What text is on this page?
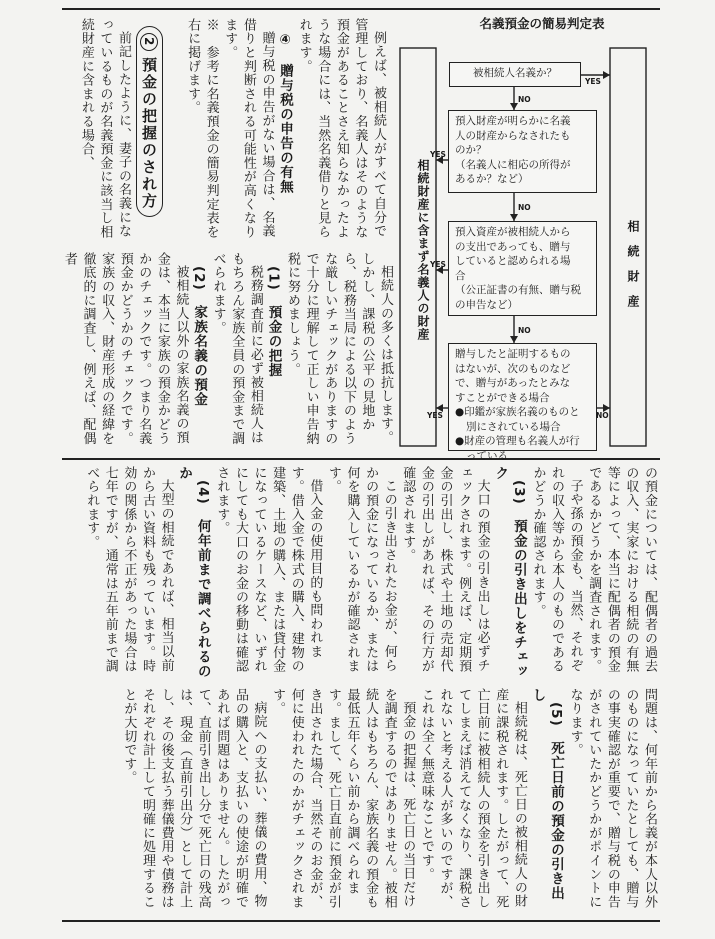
例えば、被相続人がすべて自分で管理しており、名義人はそのような預金があることさえ知らなかったような場合には、当然名義借りと見られます。

④　贈与税の申告の有無

贈与税の申告がない場合は、名義借りと判断される可能性が高くなります。

※　参考に名義預金の簡易判定表を右に掲げます。

2預金の把握のされ方

前記したように、妻子の名義になっているものが名義預金に該当し相続財産に含まれる場合、

相続人の多くは抵抗します。しかし、課税の公平の見地から、税務当局による以下のような厳しいチェックがありますので十分に理解して正しい申告納税に努めましょう。

(1)　預金の把握

税務調査前に必ず被相続人はもちろん家族全員の預金まで調べられます。

(2)　家族名義の預金

被相続人以外の家族名義の預金は、本当に家族の預金かどうかのチェックです。つまり名義預金かどうかのチェックです。家族の収入、財産形成の経緯を徹底的に調査し、例えば、配偶者

名義預金の簡易判定表
相続財産に含まず名義人の財産	相続財産
被相続人名義か？
預入財産が明らかに名義
人の財産からなされたも
のか？
（名義人に相応の所得が
あるか？など）
預入資産が被相続人から
の支出であっても、贈与
していると認められる場
合
（公正証書の有無、贈与税の申告など）
贈与したと証明するもの
はないが、次のものなど
で、贈与があったとみな
すことができる場合
●印鑑が家族名義のものと別にされている場合
●財産の管理も名義人が行っている
YES
NO
YES
NO
YES
NO
YES	NO

の預金については、配偶者の過去の収入、実家における相続の有無等によって、本当に配偶者の預金であるかどうかを調査されます。

子や孫の預金も、当然、それぞれの収入等から本人のものであるかどうか確認されます。

(3)　預金の引き出しをチェック

大口の預金の引き出しは必ずチェックされます。例えば、定期預金の引出し、株式や土地の売却代金の引出しがあれば、その行方が確認されます。

この引き出されたお金が、何らかの預金になっているか、または何を購入しているかが確認されます。

借入金の使用目的も問われます。借入金で株式の購入、建物の建築、土地の購入、または貸付金になっているケースなど、いずれにしても大口のお金の移動は確認されます。

(4)　何年前まで調べられるのか

大型の相続であれば、相当以前から古い資料も残っています。時効の関係から不正があった場合は七年ですが、通常は五年前まで調べられます。

問題は、何年前から名義が本人以外のものになっていたとしても、贈与の事実確認が重要で、贈与税の申告がされていたかどうかがポイントになります。

(5)　死亡日前の預金の引き出し

相続税は、死亡日の被相続人の財産に課税されます。したがって、死亡日前に被相続人の預金を引き出してしまえば消えてなくなり、課税されないと考える人が多いのですが、これは全く無意味なことです。

預金の把握は、死亡日の当日だけを調査するのではありません。被相続人はもちろん、家族名義の預金も最低五年くらい前から調べられます。まして、死亡日直前に預金が引き出された場合、当然そのお金が、何に使われたのかがチェックされます。

病院への支払い、葬儀の費用、物品の購入と、支払いの使途が明確であれば問題はありません。したがって、直前引き出し分で死亡日の残高は、現金（直前引出分）として計上し、その後支払う葬儀費用や債務はそれぞれ計上して明確に処理することが大切です。
